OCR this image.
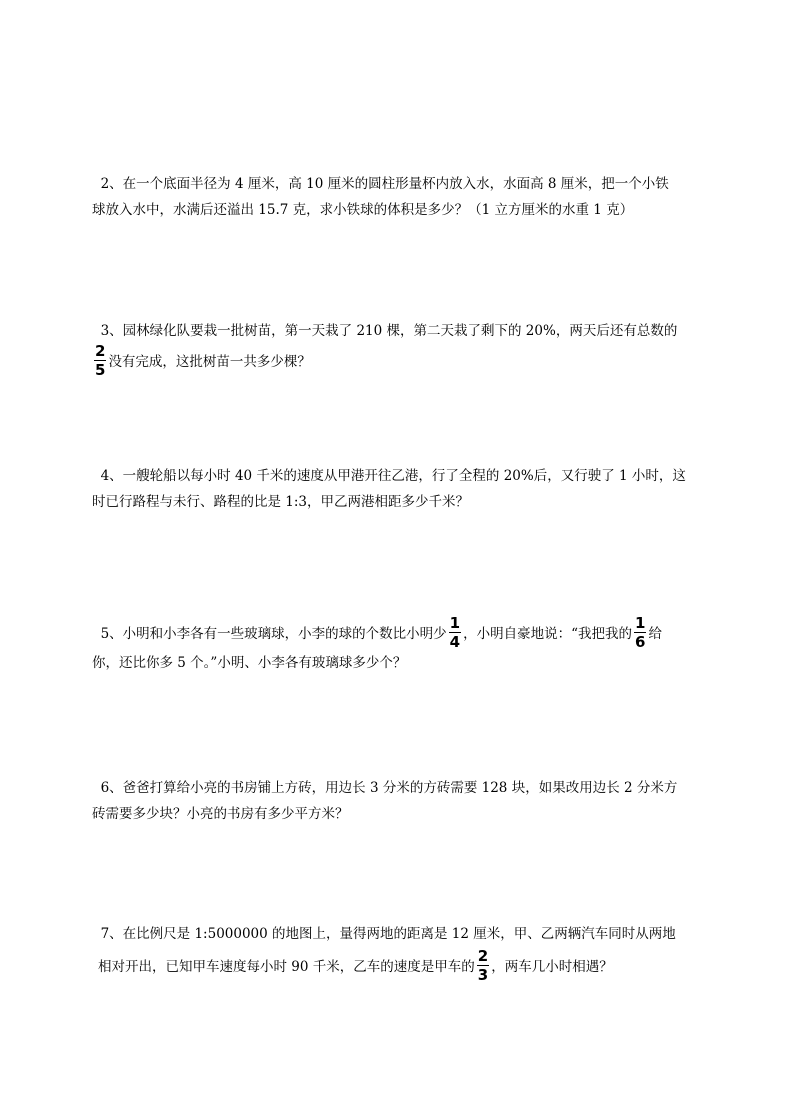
2、在一个底面半径为 4 厘米，高 10 厘米的圆柱形量杯内放入水，水面高 8 厘米，把一个小铁
球放入水中，水满后还溢出 15.7 克，求小铁球的体积是多少？（1 立方厘米的水重 1 克）
3、园林绿化队要栽一批树苗，第一天栽了 210 棵，第二天栽了剩下的 20%，两天后还有总数的
$\frac{2}{5}$ 没有完成，这批树苗一共多少棵？
4、一艘轮船以每小时 40 千米的速度从甲港开往乙港，行了全程的 20%后，又行驶了 1 小时，这
时已行路程与未行、路程的比是 1:3，甲乙两港相距多少千米？
5、小明和小李各有一些玻璃球，小李的球的个数比小明少 $\frac{1}{4}$ ，小明自豪地说：“我把我的 $\frac{1}{6}$ 给
你，还比你多 5 个。”小明、小李各有玻璃球多少个？
6、爸爸打算给小亮的书房铺上方砖，用边长 3 分米的方砖需要 128 块，如果改用边长 2 分米方
砖需要多少块？小亮的书房有多少平方米？
7、在比例尺是 1:5000000 的地图上，量得两地的距离是 12 厘米，甲、乙两辆汽车同时从两地
相对开出，已知甲车速度每小时 90 千米，乙车的速度是甲车的 $\frac{2}{3}$ ，两车几小时相遇？
